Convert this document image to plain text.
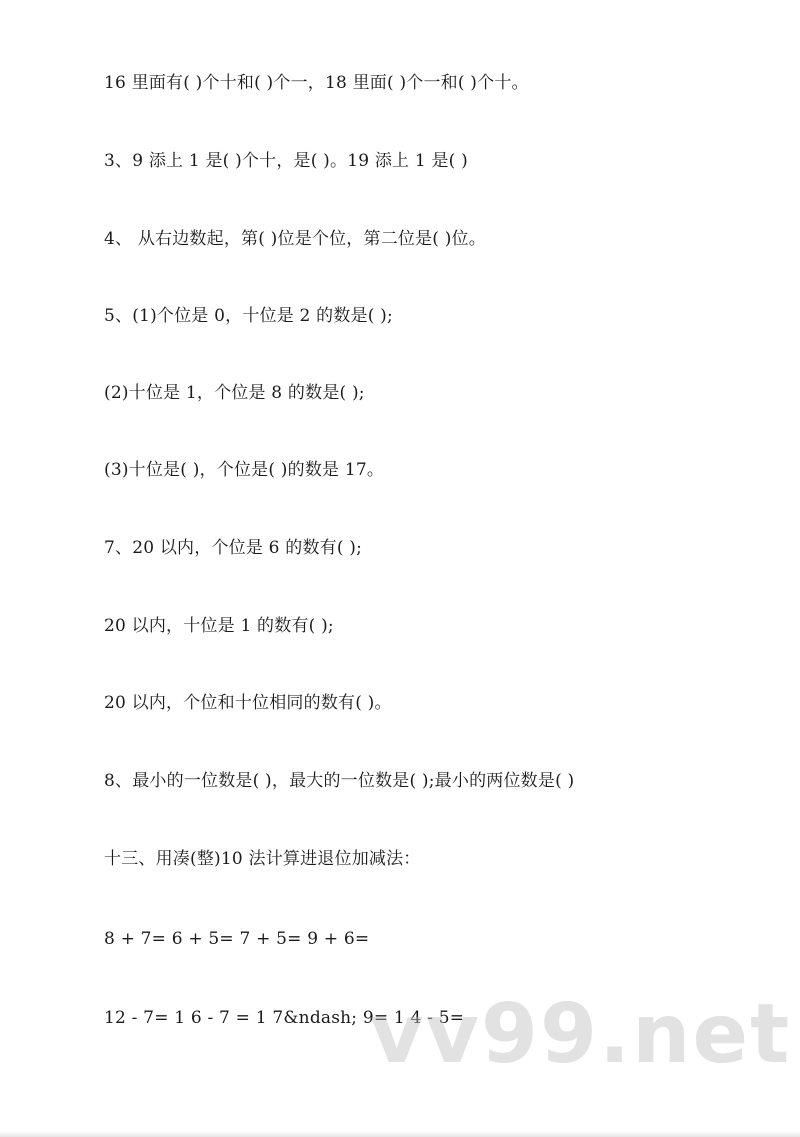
16 里面有( )个十和( )个一，18 里面( )个一和( )个十。
3、9 添上 1 是( )个十，是( )。19 添上 1 是( )
4、 从右边数起，第( )位是个位，第二位是( )位。
5、(1)个位是 0，十位是 2 的数是( );
(2)十位是 1，个位是 8 的数是( );
(3)十位是( )，个位是( )的数是 17。
7、20 以内，个位是 6 的数有( );
20 以内，十位是 1 的数有( );
20 以内，个位和十位相同的数有( )。
8、最小的一位数是( )，最大的一位数是( );最小的两位数是( )
十三、用凑(整)10 法计算进退位加减法：
8 + 7= 6 + 5= 7 + 5= 9 + 6=
12 - 7= 1 6 - 7 = 1 7&ndash; 9= 1 4 - 5=
vv99.net
